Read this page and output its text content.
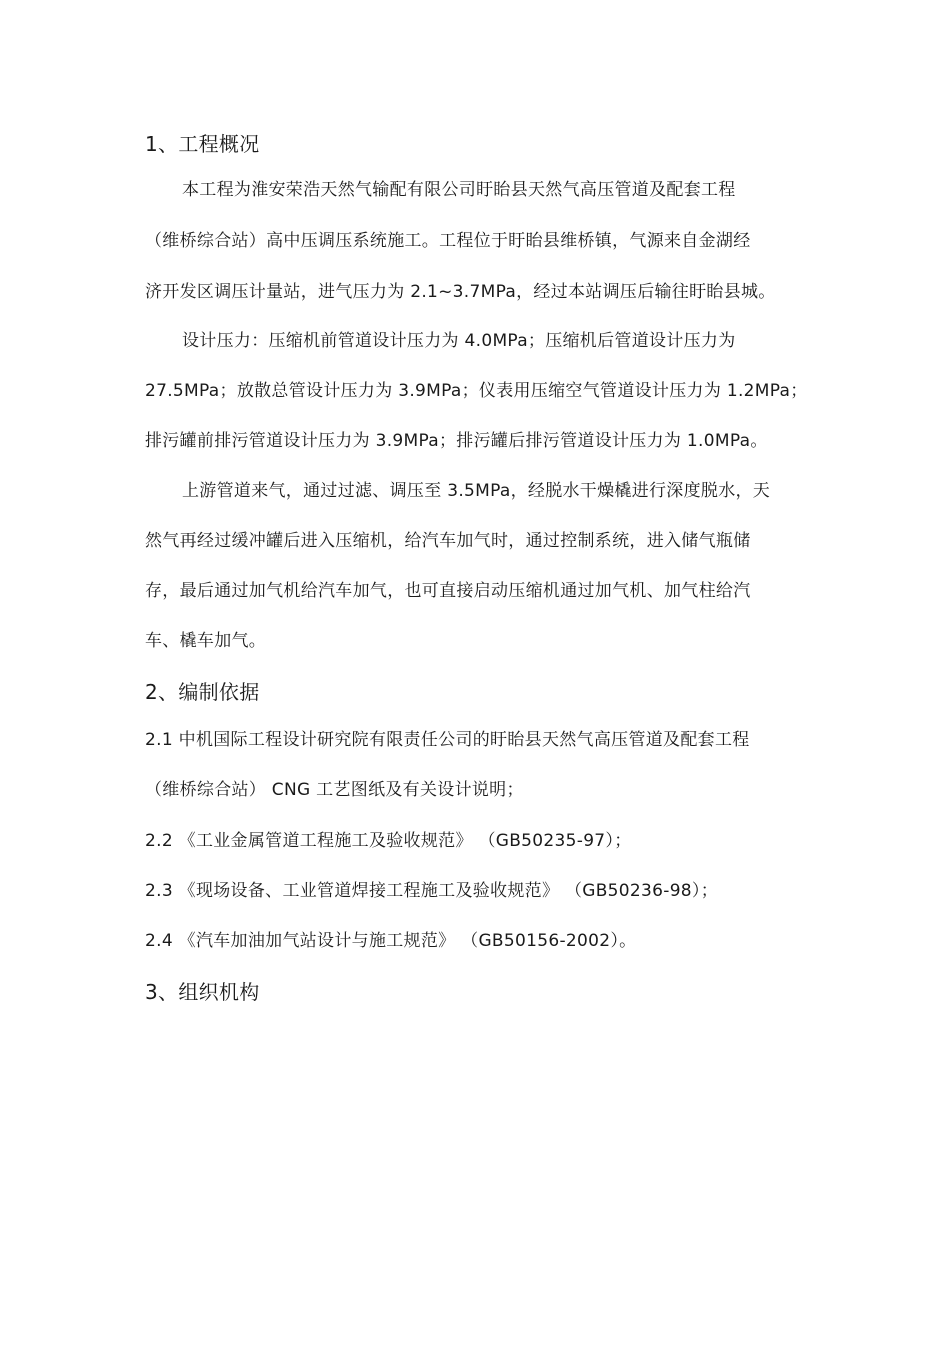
1、工程概况
本工程为淮安荣浩天然气输配有限公司盱眙县天然气高压管道及配套工程
（维桥综合站）高中压调压系统施工。工程位于盱眙县维桥镇，气源来自金湖经
济开发区调压计量站，进气压力为 2.1~3.7MPa，经过本站调压后输往盱眙县城。
设计压力：压缩机前管道设计压力为 4.0MPa；压缩机后管道设计压力为
27.5MPa；放散总管设计压力为 3.9MPa；仪表用压缩空气管道设计压力为 1.2MPa；
排污罐前排污管道设计压力为 3.9MPa；排污罐后排污管道设计压力为 1.0MPa。
上游管道来气，通过过滤、调压至 3.5MPa，经脱水干燥橇进行深度脱水，天
然气再经过缓冲罐后进入压缩机，给汽车加气时，通过控制系统，进入储气瓶储
存，最后通过加气机给汽车加气，也可直接启动压缩机通过加气机、加气柱给汽
车、橇车加气。
2、编制依据
2.1 中机国际工程设计研究院有限责任公司的盱眙县天然气高压管道及配套工程
（维桥综合站） CNG 工艺图纸及有关设计说明；
2.2 《工业金属管道工程施工及验收规范》 （GB50235-97）；
2.3 《现场设备、工业管道焊接工程施工及验收规范》 （GB50236-98）；
2.4 《汽车加油加气站设计与施工规范》 （GB50156-2002）。
3、组织机构
